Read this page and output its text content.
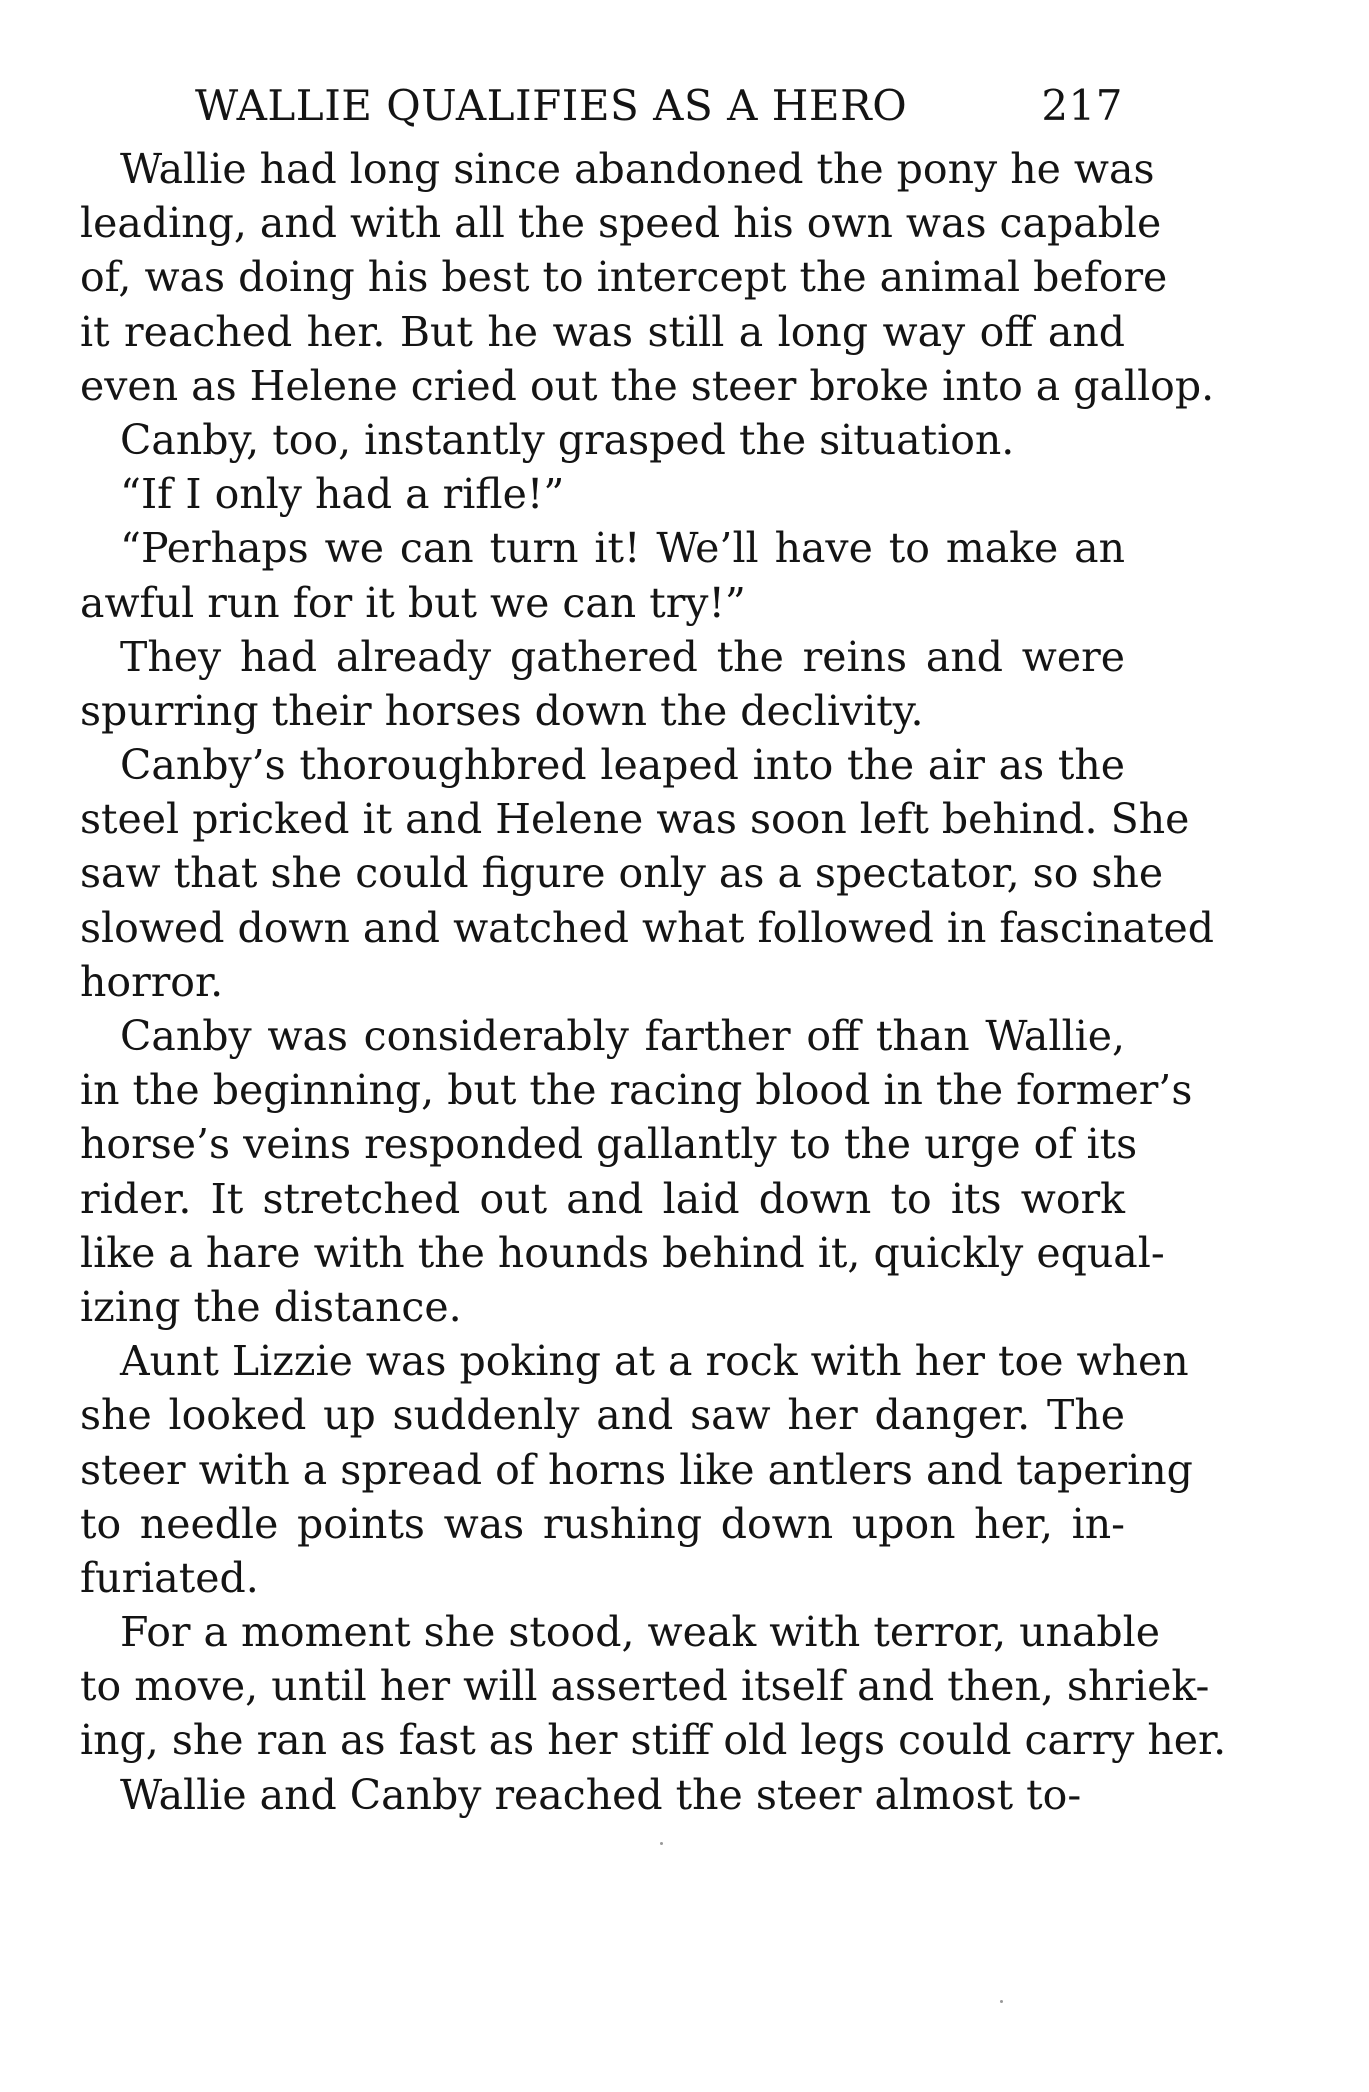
WALLIE QUALIFIES AS A HERO	217
Wallie had long since abandoned the pony he was
leading, and with all the speed his own was capable
of, was doing his best to intercept the animal before
it reached her. But he was still a long way off and
even as Helene cried out the steer broke into a gallop.
Canby, too, instantly grasped the situation.
“If I only had a rifle!”
“Perhaps we can turn it! We’ll have to make an
awful run for it but we can try!”
They had already gathered the reins and were
spurring their horses down the declivity.
Canby’s thoroughbred leaped into the air as the
steel pricked it and Helene was soon left behind. She
saw that she could figure only as a spectator, so she
slowed down and watched what followed in fascinated
horror.
Canby was considerably farther off than Wallie,
in the beginning, but the racing blood in the former’s
horse’s veins responded gallantly to the urge of its
rider. It stretched out and laid down to its work
like a hare with the hounds behind it, quickly equal-
izing the distance.
Aunt Lizzie was poking at a rock with her toe when
she looked up suddenly and saw her danger. The
steer with a spread of horns like antlers and tapering
to needle points was rushing down upon her, in-
furiated.
For a moment she stood, weak with terror, unable
to move, until her will asserted itself and then, shriek-
ing, she ran as fast as her stiff old legs could carry her.
Wallie and Canby reached the steer almost to-
